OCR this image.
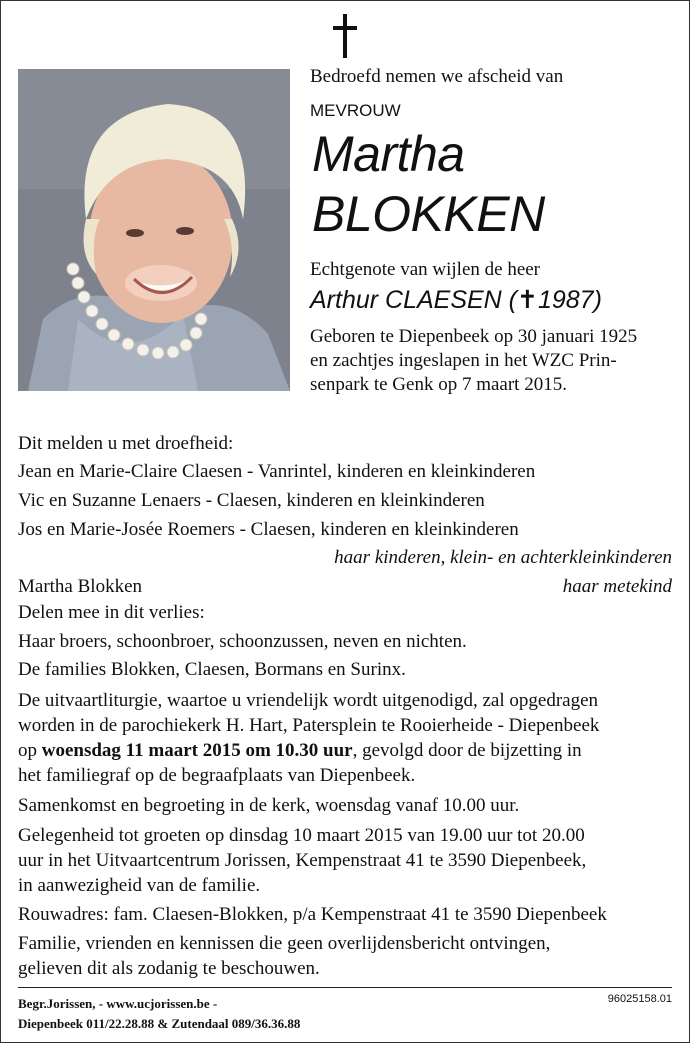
Bedroefd nemen we afscheid van
MEVROUW
Martha
BLOKKEN
Echtgenote van wijlen de heer
Arthur CLAESEN (✝1987)
Geboren te Diepenbeek op 30 januari 1925
en zachtjes ingeslapen in het WZC Prin-
senpark te Genk op 7 maart 2015.
Dit melden u met droefheid:
Jean en Marie-Claire Claesen - Vanrintel, kinderen en kleinkinderen
Vic en Suzanne Lenaers - Claesen, kinderen en kleinkinderen
Jos en Marie-Josée Roemers - Claesen, kinderen en kleinkinderen
haar kinderen, klein- en achterkleinkinderen
Martha Blokken	haar metekind
Delen mee in dit verlies:
Haar broers, schoonbroer, schoonzussen, neven en nichten.
De families Blokken, Claesen, Bormans en Surinx.
De uitvaartliturgie, waartoe u vriendelijk wordt uitgenodigd, zal opgedragen
worden in de parochiekerk H. Hart, Patersplein te Rooierheide - Diepenbeek
op woensdag 11 maart 2015 om 10.30 uur, gevolgd door de bijzetting in
het familiegraf op de begraafplaats van Diepenbeek.
Samenkomst en begroeting in de kerk, woensdag vanaf 10.00 uur.
Gelegenheid tot groeten op dinsdag 10 maart 2015 van 19.00 uur tot 20.00
uur in het Uitvaartcentrum Jorissen, Kempenstraat 41 te 3590 Diepenbeek,
in aanwezigheid van de familie.
Rouwadres: fam. Claesen-Blokken, p/a Kempenstraat 41 te 3590 Diepenbeek
Familie, vrienden en kennissen die geen overlijdensbericht ontvingen,
gelieven dit als zodanig te beschouwen.
Begr.Jorissen, - www.ucjorissen.be -
Diepenbeek 011/22.28.88 & Zutendaal 089/36.36.88
96025158.01
